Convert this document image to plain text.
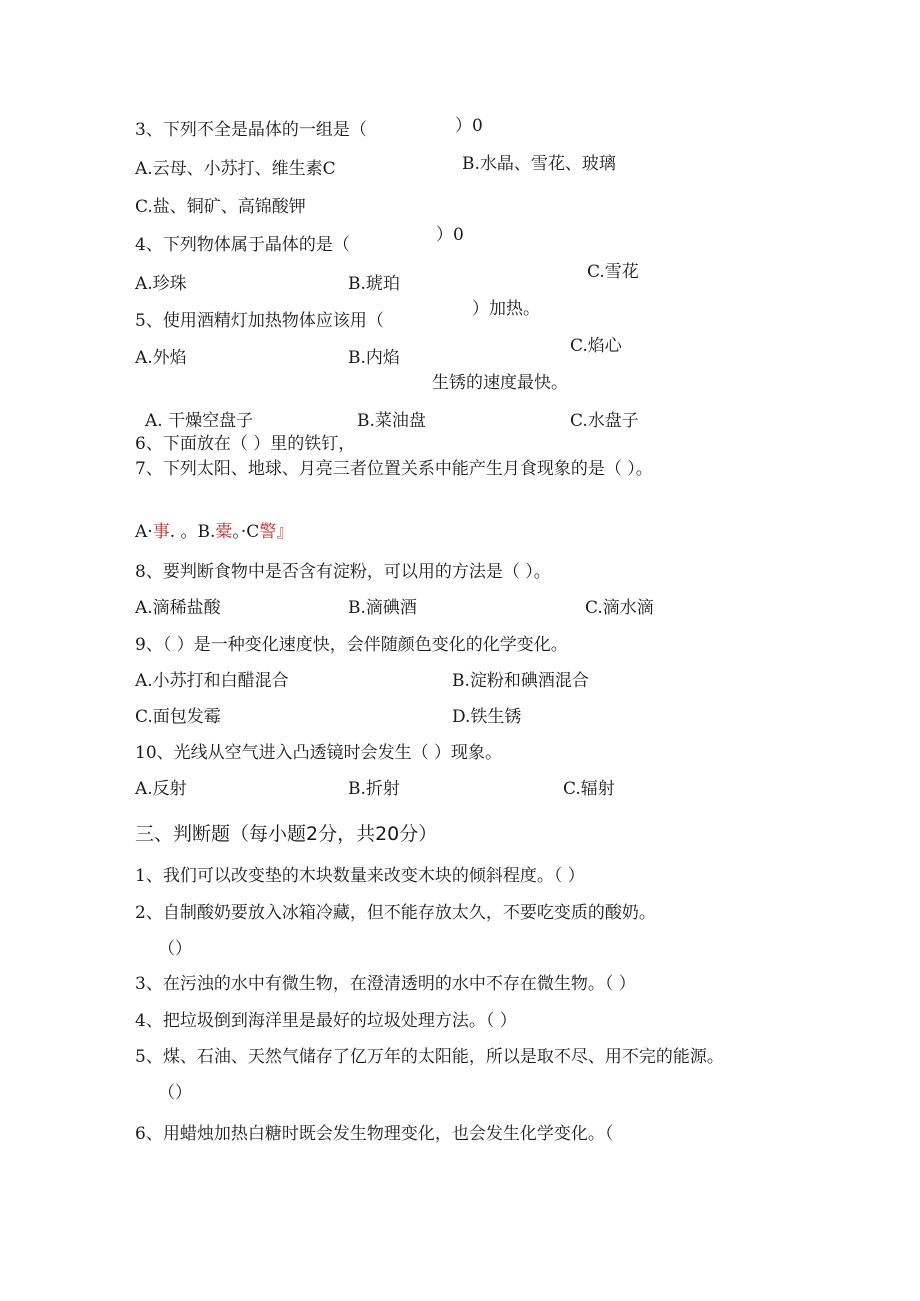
3、下列不全是晶体的一组是（	）0
A.云母、小苏打、维生素C	B.水晶、雪花、玻璃
C.盐、铜矿、高锦酸钾
4、下列物体属于晶体的是（	）0
A.珍珠	B.琥珀
C.雪花
5、使用酒精灯加热物体应该用（
）加热。
A.外焰	B.内焰
C.焰心
生锈的速度最快。
A. 干燥空盘子	B.菜油盘	C.水盘子
6、下面放在（ ）里的铁钉，
7、下列太阳、地球、月亮三者位置关系中能产生月食现象的是（ ）。
A·事. 。B.橐。·C警』
8、要判断食物中是否含有淀粉，可以用的方法是（ ）。
A.滴稀盐酸	B.滴碘酒	C.滴水滴
9、（ ）是一种变化速度快，会伴随颜色变化的化学变化。
A.小苏打和白醋混合	B.淀粉和碘酒混合
C.面包发霉	D.铁生锈
10、光线从空气进入凸透镜时会发生（ ）现象。
A.反射	B.折射	C.辐射
三、判断题（每小题2分，共20分）
1、我们可以改变垫的木块数量来改变木块的倾斜程度。（ ）
2、自制酸奶要放入冰箱冷藏，但不能存放太久，不要吃变质的酸奶。
（）
3、在污浊的水中有微生物，在澄清透明的水中不存在微生物。（ ）
4、把垃圾倒到海洋里是最好的垃圾处理方法。（ ）
5、煤、石油、天然气储存了亿万年的太阳能，所以是取不尽、用不完的能源。
（）
6、用蜡烛加热白糖时既会发生物理变化，也会发生化学变化。（
